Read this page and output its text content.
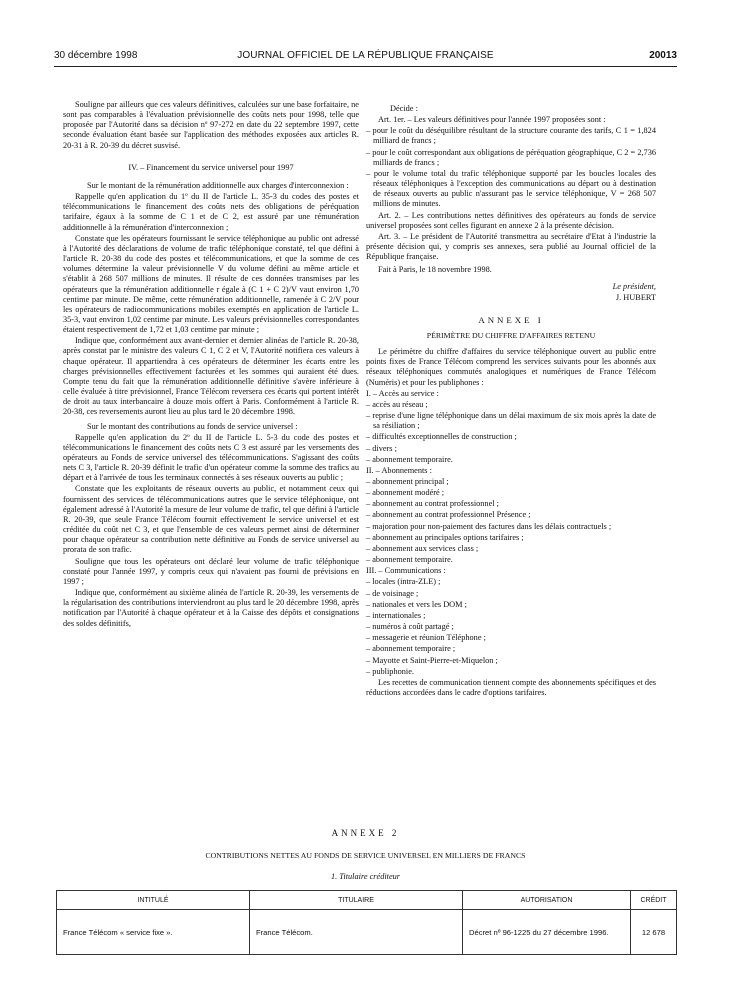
30 décembre 1998	JOURNAL OFFICIEL DE LA RÉPUBLIQUE FRANÇAISE	20013

Souligne par ailleurs que ces valeurs définitives, calculées sur une base forfaitaire, ne sont pas comparables à l'évaluation prévisionnelle des coûts nets pour 1998, telle que proposée par l'Autorité dans sa décision nº 97-272 en date du 22 septembre 1997, cette seconde évaluation étant basée sur l'application des méthodes exposées aux articles R. 20-31 à R. 20-39 du décret susvisé.

IV. – Financement du service universel pour 1997

Sur le montant de la rémunération additionnelle aux charges d'interconnexion :

Rappelle qu'en application du 1º du II de l'article L. 35-3 du codes des postes et télécommunications le financement des coûts nets des obligations de péréquation tarifaire, égaux à la somme de C 1 et de C 2, est assuré par une rémunération additionnelle à la rémunération d'interconnexion ;

Constate que les opérateurs fournissant le service téléphonique au public ont adressé à l'Autorité des déclarations de volume de trafic téléphonique constaté, tel que défini à l'article R. 20-38 du code des postes et télécommunications, et que la somme de ces volumes détermine la valeur prévisionnelle V du volume défini au même article et s'établit à 268 507 millions de minutes. Il résulte de ces données transmises par les opérateurs que la rémunération additionnelle r égale à (C 1 + C 2)/V vaut environ 1,70 centime par minute. De même, cette rémunération additionnelle, ramenée à C 2/V pour les opérateurs de radiocommunications mobiles exemptés en application de l'article L. 35-3, vaut environ 1,02 centime par minute. Les valeurs prévisionnelles correspondantes étaient respectivement de 1,72 et 1,03 centime par minute ;

Indique que, conformément aux avant-dernier et dernier alinéas de l'article R. 20-38, après constat par le ministre des valeurs C 1, C 2 et V, l'Autorité notifiera ces valeurs à chaque opérateur. Il appartiendra à ces opérateurs de déterminer les écarts entre les charges prévisionnelles effectivement facturées et les sommes qui auraient été dues. Compte tenu du fait que la rémunération additionnelle définitive s'avère inférieure à celle évaluée à titre prévisionnel, France Télécom reversera ces écarts qui portent intérêt de droit au taux interbancaire à douze mois offert à Paris. Conformément à l'article R. 20-38, ces reversements auront lieu au plus tard le 20 décembre 1998.

Sur le montant des contributions au fonds de service universel :

Rappelle qu'en application du 2º du II de l'article L. 5-3 du code des postes et télécommunications le financement des coûts nets C 3 est assuré par les versements des opérateurs au Fonds de service universel des télécommunications. S'agissant des coûts nets C 3, l'article R. 20-39 définit le trafic d'un opérateur comme la somme des trafics au départ et à l'arrivée de tous les terminaux connectés à ses réseaux ouverts au public ;

Constate que les exploitants de réseaux ouverts au public, et notamment ceux qui fournissent des services de télécommunications autres que le service téléphonique, ont également adressé à l'Autorité la mesure de leur volume de trafic, tel que défini à l'article R. 20-39, que seule France Télécom fournit effectivement le service universel et est créditée du coût net C 3, et que l'ensemble de ces valeurs permet ainsi de déterminer pour chaque opérateur sa contribution nette définitive au Fonds de service universel au prorata de son trafic.

Souligne que tous les opérateurs ont déclaré leur volume de trafic téléphonique constaté pour l'année 1997, y compris ceux qui n'avaient pas fourni de prévisions en 1997 ;

Indique que, conformément au sixième alinéa de l'article R. 20-39, les versements de la régularisation des contributions interviendront au plus tard le 20 décembre 1998, après notification par l'Autorité à chaque opérateur et à la Caisse des dépôts et consignations des soldes définitifs,

Décide :

Art. 1er. – Les valeurs définitives pour l'année 1997 proposées sont :

– pour le coût du déséquilibre résultant de la structure courante des tarifs, C 1 = 1,824 milliard de francs ;

– pour le coût correspondant aux obligations de péréquation géographique, C 2 = 2,736 milliards de francs ;

– pour le volume total du trafic téléphonique supporté par les boucles locales des réseaux téléphoniques à l'exception des communications au départ ou à destination de réseaux ouverts au public n'assurant pas le service téléphonique, V = 268 507 millions de minutes.

Art. 2. – Les contributions nettes définitives des opérateurs au fonds de service universel proposées sont celles figurant en annexe 2 à la présente décision.

Art. 3. – Le président de l'Autorité transmettra au secrétaire d'Etat à l'industrie la présente décision qui, y compris ses annexes, sera publié au Journal officiel de la République française.

Fait à Paris, le 18 novembre 1998.

Le président,

J. HUBERT

ANNEXE I

PÉRIMÈTRE DU CHIFFRE D'AFFAIRES RETENU

Le périmètre du chiffre d'affaires du service téléphonique ouvert au public entre points fixes de France Télécom comprend les services suivants pour les abonnés aux réseaux téléphoniques commutés analogiques et numériques de France Télécom (Numéris) et pour les publiphones :

I. – Accès au service :

– accès au réseau ;

– reprise d'une ligne téléphonique dans un délai maximum de six mois après la date de sa résiliation ;

– difficultés exceptionnelles de construction ;

– divers ;

– abonnement temporaire.

II. – Abonnements :

– abonnement principal ;

– abonnement modéré ;

– abonnement au contrat professionnel ;

– abonnement au contrat professionnel Présence ;

– majoration pour non-paiement des factures dans les délais contractuels ;

– abonnement au principales options tarifaires ;

– abonnement aux services class ;

– abonnement temporaire.

III. – Communications :

– locales (intra-ZLE) ;

– de voisinage ;

– nationales et vers les DOM ;

– internationales ;

– numéros à coût partagé ;

– messagerie et réunion Téléphone ;

– abonnement temporaire ;

– Mayotte et Saint-Pierre-et-Miquelon ;

– publiphonie.

Les recettes de communication tiennent compte des abonnements spécifiques et des réductions accordées dans le cadre d'options tarifaires.

ANNEXE 2
CONTRIBUTIONS NETTES AU FONDS DE SERVICE UNIVERSEL EN MILLIERS DE FRANCS
1. Titulaire créditeur
INTITULÉ	TITULAIRE	AUTORISATION	CRÉDIT
France Télécom « service fixe ».	France Télécom.	Décret nº 96-1225 du 27 décembre 1996.	12 678
